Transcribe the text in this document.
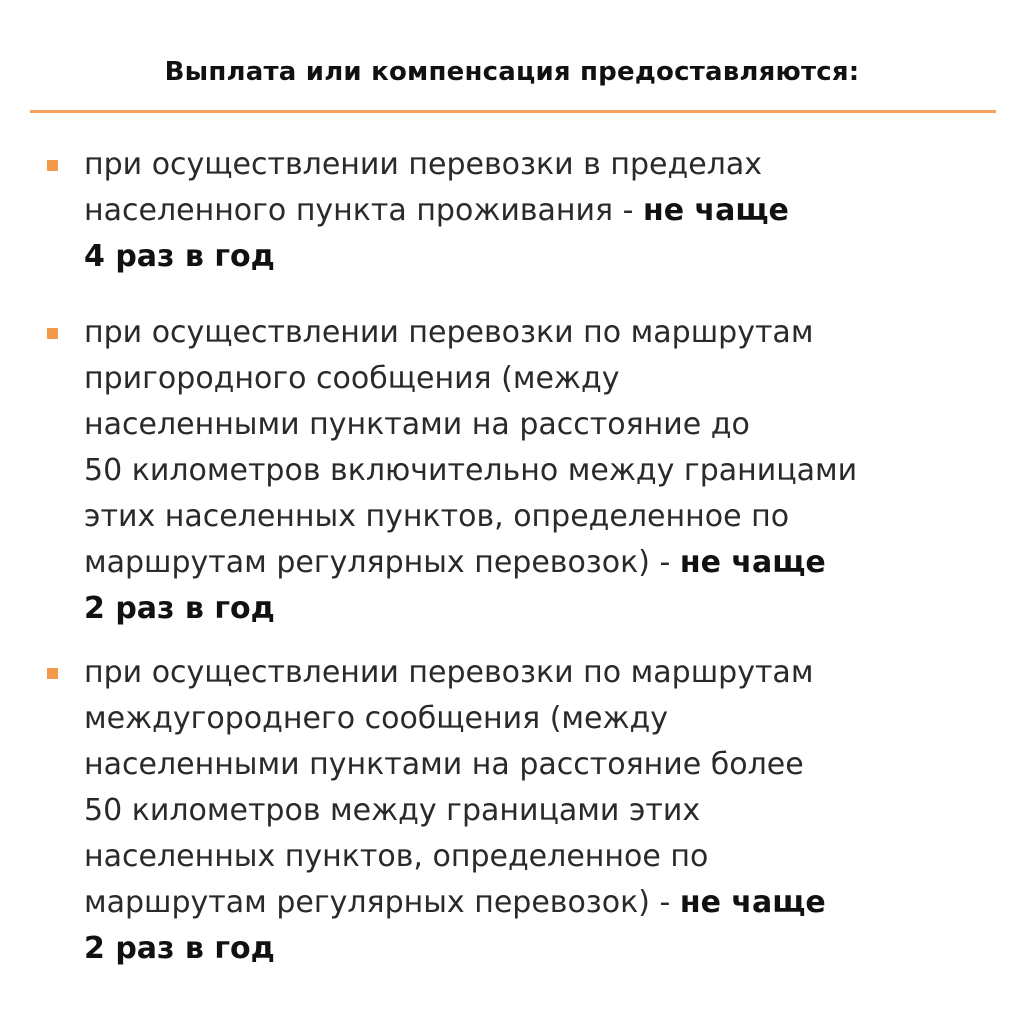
Выплата или компенсация предоставляются:
при осуществлении перевозки в пределах
населенного пункта проживания - не чаще
4 раз в год
при осуществлении перевозки по маршрутам
пригородного сообщения (между
населенными пунктами на расстояние до
50 километров включительно между границами
этих населенных пунктов, определенное по
маршрутам регулярных перевозок) - не чаще
2 раз в год
при осуществлении перевозки по маршрутам
междугороднего сообщения (между
населенными пунктами на расстояние более
50 километров между границами этих
населенных пунктов, определенное по
маршрутам регулярных перевозок) - не чаще
2 раз в год
